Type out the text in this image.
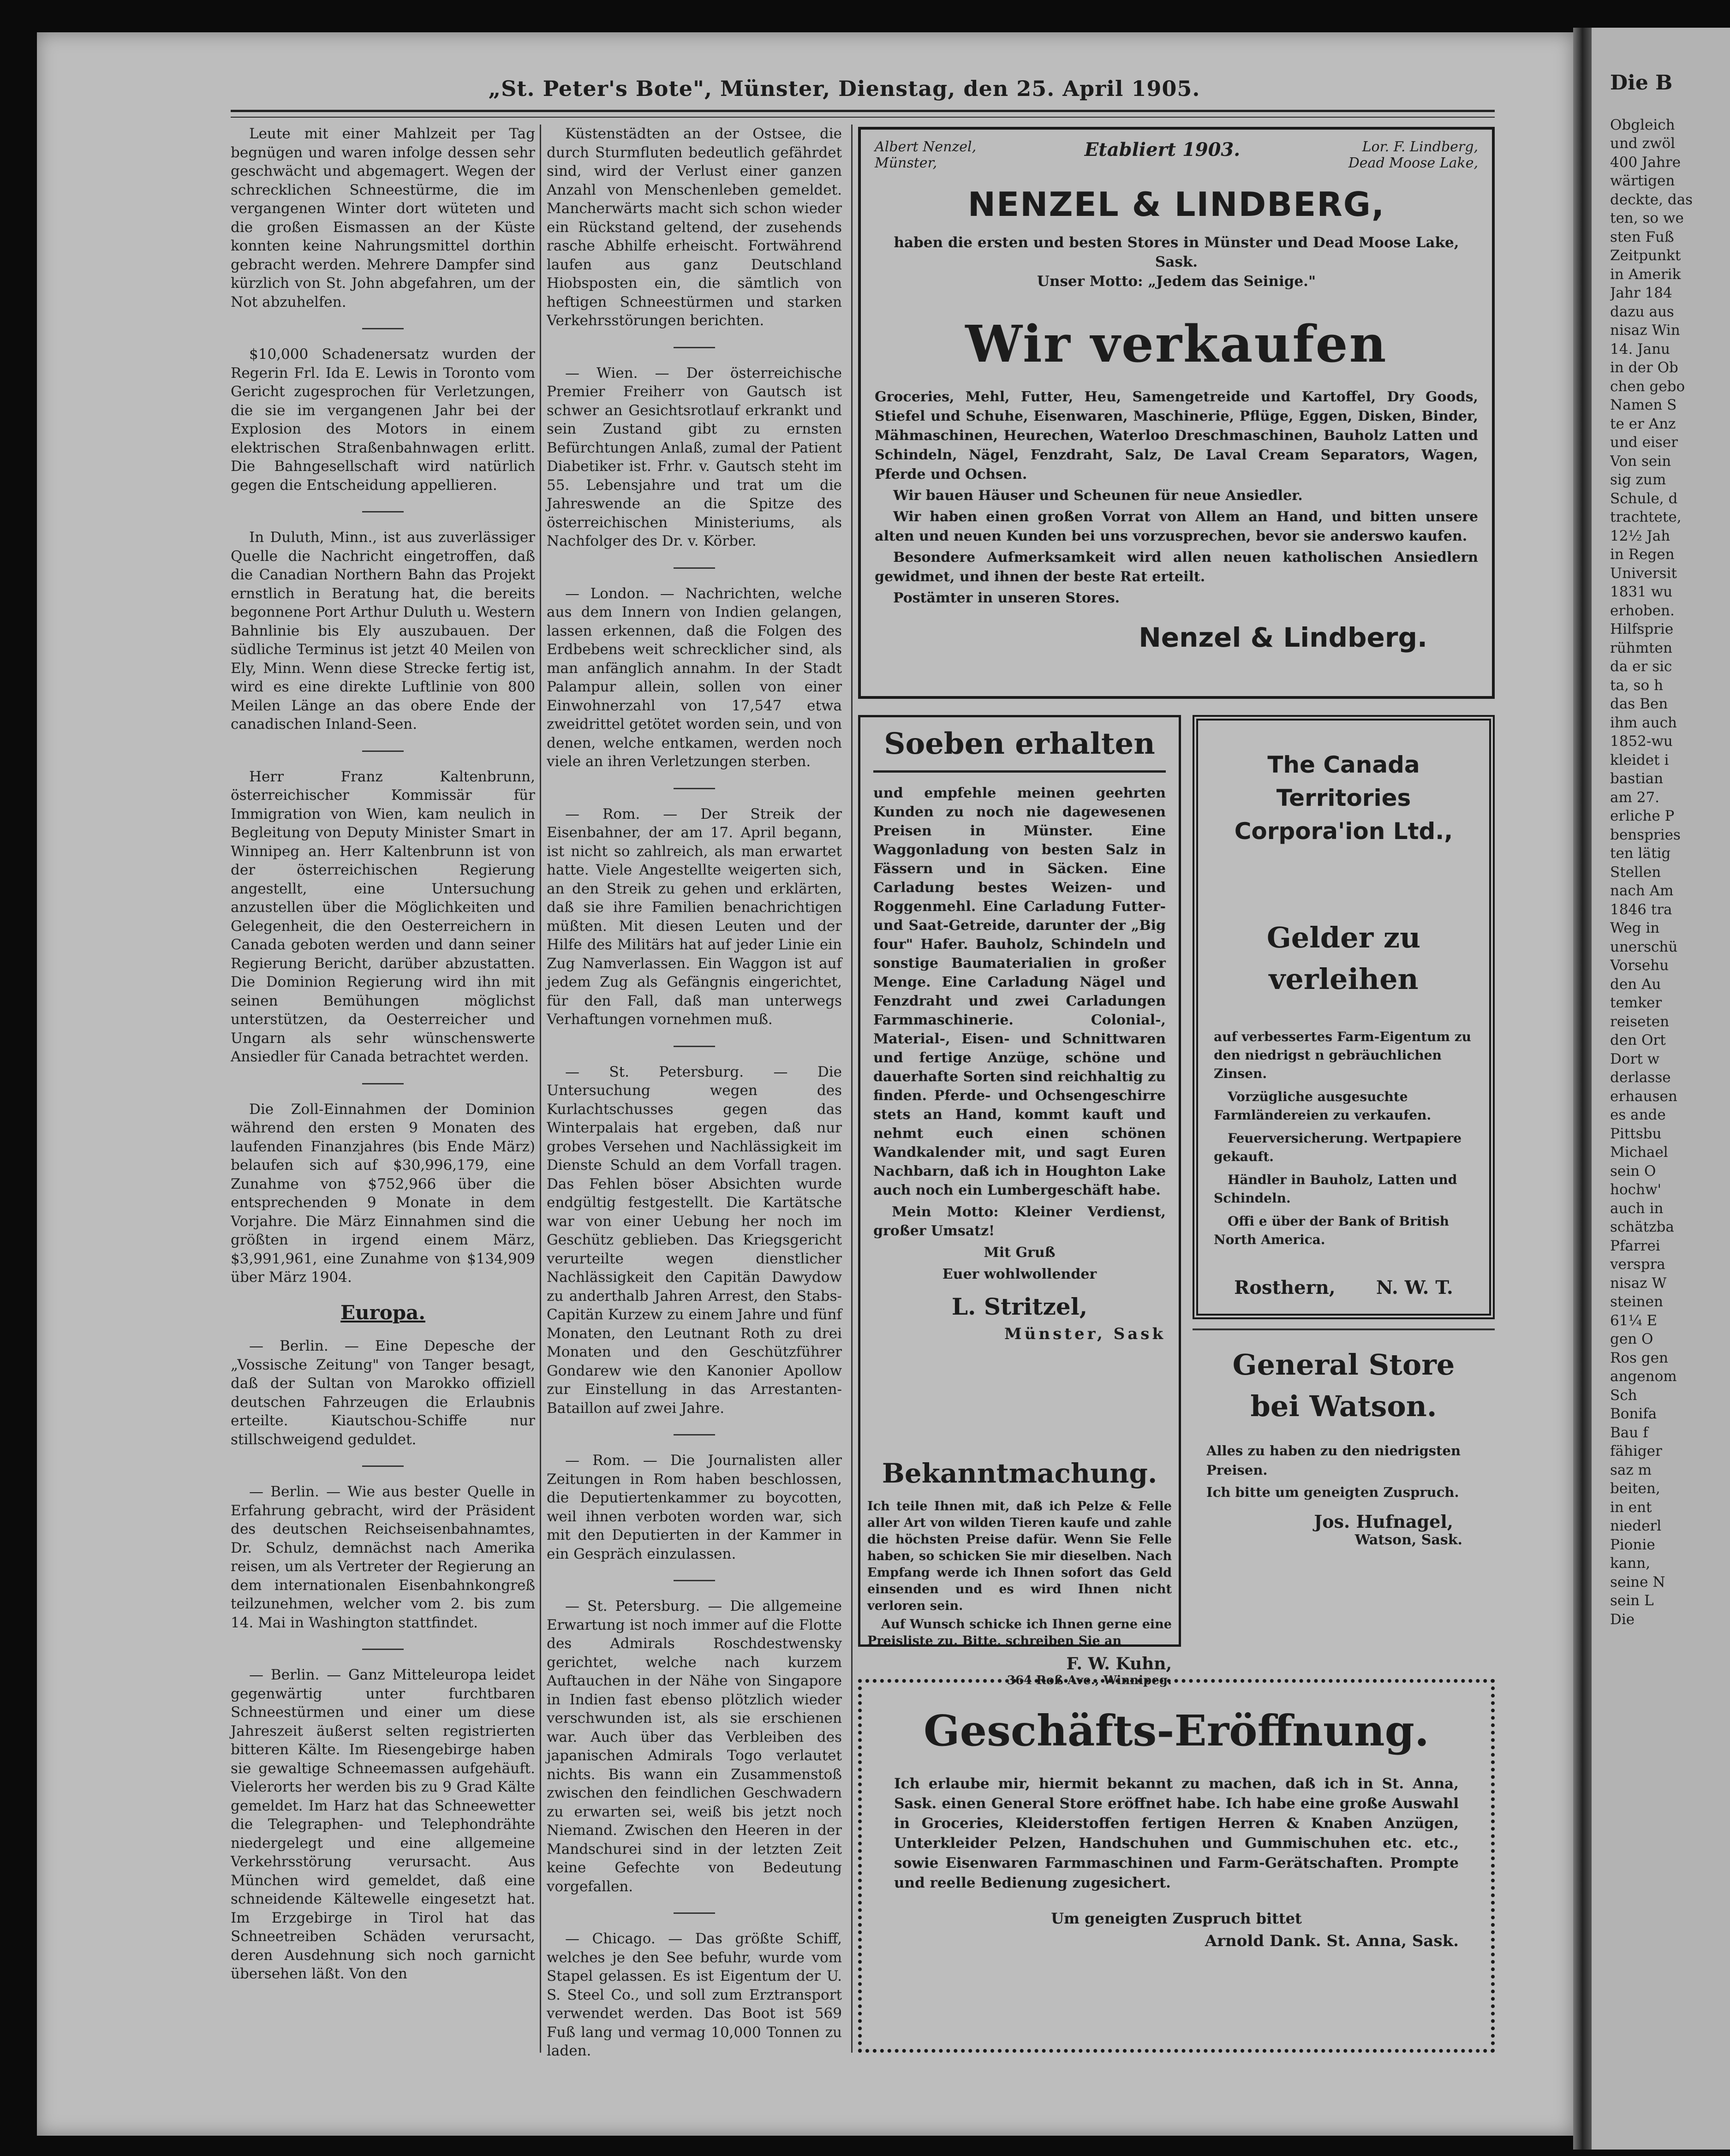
„St. Peter's Bote", Münster, Dienstag, den 25. April 1905.

Leute mit einer Mahlzeit per Tag begnügen und waren infolge dessen sehr geschwächt und abgemagert. Wegen der schrecklichen Schneestürme, die im vergangenen Winter dort wüteten und die großen Eismassen an der Küste konnten keine Nahrungsmittel dorthin gebracht werden. Mehrere Dampfer sind kürzlich von St. John abgefahren, um der Not abzuhelfen.

$10,000 Schadenersatz wurden der Regerin Frl. Ida E. Lewis in Toronto vom Gericht zugesprochen für Verletzungen, die sie im vergangenen Jahr bei der Explosion des Motors in einem elektrischen Straßenbahnwagen erlitt. Die Bahngesellschaft wird natürlich gegen die Entscheidung appellieren.

In Duluth, Minn., ist aus zuverlässiger Quelle die Nachricht eingetroffen, daß die Canadian Northern Bahn das Projekt ernstlich in Beratung hat, die bereits begonnene Port Arthur Duluth u. Western Bahnlinie bis Ely auszubauen. Der südliche Terminus ist jetzt 40 Meilen von Ely, Minn. Wenn diese Strecke fertig ist, wird es eine direkte Luftlinie von 800 Meilen Länge an das obere Ende der canadischen Inland-Seen.

Herr Franz Kaltenbrunn, österreichischer Kommissär für Immigration von Wien, kam neulich in Begleitung von Deputy Minister Smart in Winnipeg an. Herr Kaltenbrunn ist von der österreichischen Regierung angestellt, eine Untersuchung anzustellen über die Möglichkeiten und Gelegenheit, die den Oesterreichern in Canada geboten werden und dann seiner Regierung Bericht, darüber abzustatten. Die Dominion Regierung wird ihn mit seinen Bemühungen möglichst unterstützen, da Oesterreicher und Ungarn als sehr wünschenswerte Ansiedler für Canada betrachtet werden.

Die Zoll-Einnahmen der Dominion während den ersten 9 Monaten des laufenden Finanzjahres (bis Ende März) belaufen sich auf $30,996,179, eine Zunahme von $752,966 über die entsprechenden 9 Monate in dem Vorjahre. Die März Einnahmen sind die größten in irgend einem März, $3,991,961, eine Zunahme von $134,909 über März 1904.

Europa.

— Berlin. — Eine Depesche der „Vossische Zeitung" von Tanger besagt, daß der Sultan von Marokko offiziell deutschen Fahrzeugen die Erlaubnis erteilte. Kiautschou-Schiffe nur stillschweigend geduldet.

— Berlin. — Wie aus bester Quelle in Erfahrung gebracht, wird der Präsident des deutschen Reichseisenbahnamtes, Dr. Schulz, demnächst nach Amerika reisen, um als Vertreter der Regierung an dem internationalen Eisenbahnkongreß teilzunehmen, welcher vom 2. bis zum 14. Mai in Washington stattfindet.

— Berlin. — Ganz Mitteleuropa leidet gegenwärtig unter furchtbaren Schneestürmen und einer um diese Jahreszeit äußerst selten registrierten bitteren Kälte. Im Riesengebirge haben sie gewaltige Schneemassen aufgehäuft. Vielerorts her werden bis zu 9 Grad Kälte gemeldet. Im Harz hat das Schneewetter die Telegraphen- und Telephondrähte niedergelegt und eine allgemeine Verkehrsstörung verursacht. Aus München wird gemeldet, daß eine schneidende Kältewelle eingesetzt hat. Im Erzgebirge in Tirol hat das Schneetreiben Schäden verursacht, deren Ausdehnung sich noch garnicht übersehen läßt. Von den

Küstenstädten an der Ostsee, die durch Sturmfluten bedeutlich gefährdet sind, wird der Verlust einer ganzen Anzahl von Menschenleben gemeldet. Mancherwärts macht sich schon wieder ein Rückstand geltend, der zusehends rasche Abhilfe erheischt. Fortwährend laufen aus ganz Deutschland Hiobsposten ein, die sämtlich von heftigen Schneestürmen und starken Verkehrsstörungen berichten.

— Wien. — Der österreichische Premier Freiherr von Gautsch ist schwer an Gesichtsrotlauf erkrankt und sein Zustand gibt zu ernsten Befürchtungen Anlaß, zumal der Patient Diabetiker ist. Frhr. v. Gautsch steht im 55. Lebensjahre und trat um die Jahreswende an die Spitze des österreichischen Ministeriums, als Nachfolger des Dr. v. Körber.

— London. — Nachrichten, welche aus dem Innern von Indien gelangen, lassen erkennen, daß die Folgen des Erdbebens weit schrecklicher sind, als man anfänglich annahm. In der Stadt Palampur allein, sollen von einer Einwohnerzahl von 17,547 etwa zweidrittel getötet worden sein, und von denen, welche entkamen, werden noch viele an ihren Verletzungen sterben.

— Rom. — Der Streik der Eisenbahner, der am 17. April begann, ist nicht so zahlreich, als man erwartet hatte. Viele Angestellte weigerten sich, an den Streik zu gehen und erklärten, daß sie ihre Familien benachrichtigen müßten. Mit diesen Leuten und der Hilfe des Militärs hat auf jeder Linie ein Zug Namverlassen. Ein Waggon ist auf jedem Zug als Gefängnis eingerichtet, für den Fall, daß man unterwegs Verhaftungen vornehmen muß.

— St. Petersburg. — Die Untersuchung wegen des Kurlachtschusses gegen das Winterpalais hat ergeben, daß nur grobes Versehen und Nachlässigkeit im Dienste Schuld an dem Vorfall tragen. Das Fehlen böser Absichten wurde endgültig festgestellt. Die Kartätsche war von einer Uebung her noch im Geschütz geblieben. Das Kriegsgericht verurteilte wegen dienstlicher Nachlässigkeit den Capitän Dawydow zu anderthalb Jahren Arrest, den Stabs-Capitän Kurzew zu einem Jahre und fünf Monaten, den Leutnant Roth zu drei Monaten und den Geschützführer Gondarew wie den Kanonier Apollow zur Einstellung in das Arrestanten-Bataillon auf zwei Jahre.

— Rom. — Die Journalisten aller Zeitungen in Rom haben beschlossen, die Deputiertenkammer zu boycotten, weil ihnen verboten worden war, sich mit den Deputierten in der Kammer in ein Gespräch einzulassen.

— St. Petersburg. — Die allgemeine Erwartung ist noch immer auf die Flotte des Admirals Roschdestwensky gerichtet, welche nach kurzem Auftauchen in der Nähe von Singapore in Indien fast ebenso plötzlich wieder verschwunden ist, als sie erschienen war. Auch über das Verbleiben des japanischen Admirals Togo verlautet nichts. Bis wann ein Zusammenstoß zwischen den feindlichen Geschwadern zu erwarten sei, weiß bis jetzt noch Niemand. Zwischen den Heeren in der Mandschurei sind in der letzten Zeit keine Gefechte von Bedeutung vorgefallen.

— Chicago. — Das größte Schiff, welches je den See befuhr, wurde vom Stapel gelassen. Es ist Eigentum der U. S. Steel Co., und soll zum Erztransport verwendet werden. Das Boot ist 569 Fuß lang und vermag 10,000 Tonnen zu laden.

Albert Nenzel,
Münster,
Etabliert 1903.	Lor. F. Lindberg,
Dead Moose Lake,
NENZEL & LINDBERG,
haben die ersten und besten Stores in Münster und Dead Moose Lake, Sask.
Unser Motto: „Jedem das Seinige."
Wir verkaufen

Groceries, Mehl, Futter, Heu, Samengetreide und Kartoffel, Dry Goods, Stiefel und Schuhe, Eisenwaren, Maschinerie, Pflüge, Eggen, Disken, Binder, Mähmaschinen, Heurechen, Waterloo Dreschmaschinen, Bauholz Latten und Schindeln, Nägel, Fenzdraht, Salz, De Laval Cream Separators, Wagen, Pferde und Ochsen.

Wir bauen Häuser und Scheunen für neue Ansiedler.

Wir haben einen großen Vorrat von Allem an Hand, und bitten unsere alten und neuen Kunden bei uns vorzusprechen, bevor sie anderswo kaufen.

Besondere Aufmerksamkeit wird allen neuen katholischen Ansiedlern gewidmet, und ihnen der beste Rat erteilt.

Postämter in unseren Stores.

Nenzel & Lindberg.
Soeben erhalten

und empfehle meinen geehrten Kunden zu noch nie dagewesenen Preisen in Münster. Eine Waggonladung von besten Salz in Fässern und in Säcken. Eine Carladung bestes Weizen- und Roggenmehl. Eine Carladung Futter- und Saat-Getreide, darunter der „Big four" Hafer. Bauholz, Schindeln und sonstige Baumaterialien in großer Menge. Eine Carladung Nägel und Fenzdraht und zwei Carladungen Farmmaschinerie. Colonial-, Material-, Eisen- und Schnittwaren und fertige Anzüge, schöne und dauerhafte Sorten sind reichhaltig zu finden. Pferde- und Ochsengeschirre stets an Hand, kommt kauft und nehmt euch einen schönen Wandkalender mit, und sagt Euren Nachbarn, daß ich in Houghton Lake auch noch ein Lumbergeschäft habe.

Mein Motto: Kleiner Verdienst, großer Umsatz!

Mit Gruß

Euer wohlwollender

L. Stritzel,
Münster, Sask
The Canada Territories Corpora'ion Ltd.,
Gelder zu verleihen

auf verbessertes Farm-Eigentum zu den niedrigst n gebräuchlichen Zinsen.

Vorzügliche ausgesuchte Farmländereien zu verkaufen.

Feuerversicherung. Wertpapiere gekauft.

Händler in Bauholz, Latten und Schindeln.

Offi e über der Bank of British North America.

Rosthern, N. W. T.
General Store bei Watson.

Alles zu haben zu den niedrigsten Preisen.

Ich bitte um geneigten Zuspruch.

Jos. Hufnagel,
Watson, Sask.
Bekanntmachung.

Ich teile Ihnen mit, daß ich Pelze & Felle aller Art von wilden Tieren kaufe und zahle die höchsten Preise dafür. Wenn Sie Felle haben, so schicken Sie mir dieselben. Nach Empfang werde ich Ihnen sofort das Geld einsenden und es wird Ihnen nicht verloren sein.

Auf Wunsch schicke ich Ihnen gerne eine Preisliste zu. Bitte, schreiben Sie an

F. W. Kuhn,
364 Roß Ave., Winnipeg.
Geschäfts-Eröffnung.
Ich erlaube mir, hiermit bekannt zu machen, daß ich in St. Anna, Sask. einen General Store eröffnet habe. Ich habe eine große Auswahl in Groceries, Kleiderstoffen fertigen Herren & Knaben Anzügen, Unterkleider Pelzen, Handschuhen und Gummischuhen etc. etc., sowie Eisenwaren Farmmaschinen und Farm-Gerätschaften. Prompte und reelle Bedienung zugesichert.
Um geneigten Zuspruch bittet
Arnold Dank. St. Anna, Sask.
Die B
Obgleich
und zwöl
400 Jahre
wärtigen
deckte, das
ten, so we
sten Fuß
Zeitpunkt
in Amerik
Jahr 184
dazu aus
nisaz Win
14. Janu
in der Ob
chen gebo
Namen S
te er Anz
und eiser
Von sein
sig zum
Schule, d
trachtete,
12½ Jah
in Regen
Universit
1831 wu
erhoben.
Hilfsprie
rühmten
da er sic
ta, so h
das Ben
ihm auch
1852-wu
kleidet i
bastian
am 27.
erliche P
benspries
ten lätig
Stellen
nach Am
1846 tra
Weg in
unerschü
Vorsehu
den Au
temker
reiseten
den Ort
Dort w
derlasse
erhausen
es ande
Pittsbu
Michael
sein O
hochw'
auch in
schätzba
Pfarrei
verspra
nisaz W
steinen
61¼ E
gen O
Ros gen
angenom
Sch
Bonifa
Bau f
fähiger
saz m
beiten,
in ent
niederl
Pionie
kann,
seine N
sein L
Die
